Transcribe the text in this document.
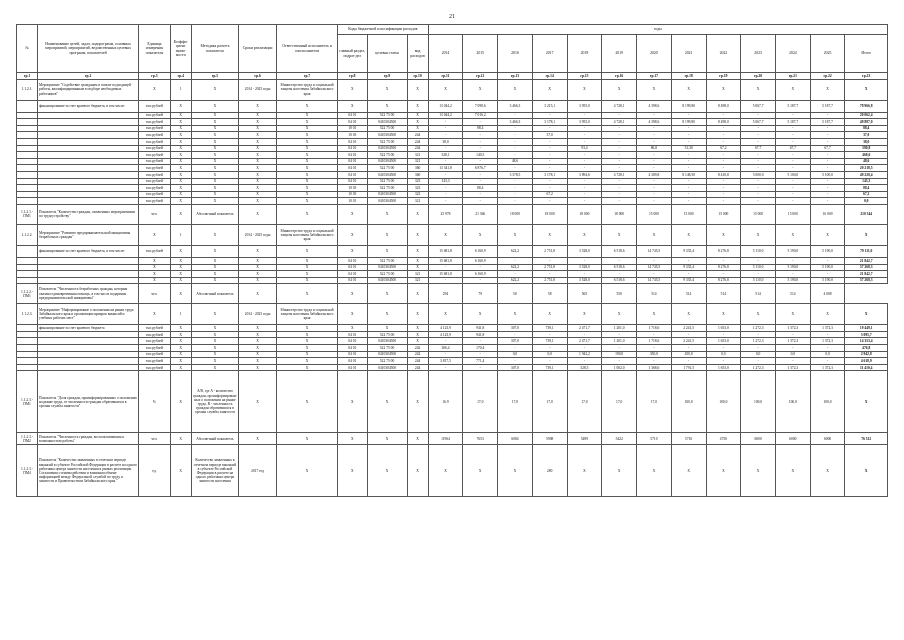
21
№	Наименование целей, задач, подпрограмм, основных мероприятий, мероприятий, ведомственных целевых программ, показателей	Единица измерения показателя	Коэффи-циент значи-мости	Методика расчета показателя	Сроки реализации	Ответственный исполнитель и соисполнители	Коды бюджетной классификации расходов			годы												
							главный раздел, подраз-дел	целевая статья	вид расходов	2014	2015	2016	2017	2018	2019	2020	2021	2022	2023	2024	2025	Итого

гр.1	гр.2	гр.3	гр.4	гр.5	гр.6	гр.7	гр.8	гр.9	гр.10	гр.11	гр.12	гр.13	гр.14	гр.15	гр.16	гр.17	гр.18	гр.19	гр.20	гр.21	гр.22	гр.23
1.1.2.1.	Мероприятие "Содействие гражданам в поиске подходящей работы, квалифицированным в подборе необходимых работников"	X	1	X	2014 - 2025 годы	Министерство труда и социальной защиты населения Забайкальского края	X	X	X	X	X	X	X	X	X	X	X	X	X	X	X	X
	финансирование за счет краевого бюджета, в том числе:	тыс.рублей	X	X	X	X	X	X	X	13 044,2	7 098,6	3 466,3	3 215,1	3 955,0	4 728,1	4 398,6	8 199,80	8 498,0	5 067,7	5 187,7	5 187,7	78 966,8
		тыс.рублей	X	X	X	X	04 01	522 75 00	X	13 044,2	7 016,2	-	-	-	-	-	-	-	-	-	-	20 062,4
		тыс.рублей	X	X	X	X	04 01	0410304500	X	-	-	3 466,3	3 178,1	3 955,0	4 728,1	4 398,6	8 199,80	8 498,0	5 067,7	5 187,7	5 187,7	49 887,0
		тыс.рублей	X	X	X	X	10 01	522 75 00	X	-	88,4	-	-	-	-	-	-	-	-	-	-	88,4
		тыс.рублей	X	X	X	X	10 03	0410304500	244	-	-	-	37,0	-	-	-	-	-	-	-	-	37,0
		тыс.рублей	X	X	X	X	04 01	522 75 00	244	38,0	-	-	-	-	-	-	-	-	-	-	-	38,0
		тыс.рублей	X	X	X	X	04 01	0410304500	244	-	-	-	-	93,4	-	86,8	51,30	67,2	67,7	67,7	67,7	590,8
		тыс.рублей	X	X	X	X	04 01	522 75 00	321	328,1	140,5	-	-	-	-	-	-	-	-	-	-	468,6
		тыс.рублей	X	X	X	X	04 01	0410304500	321	-	-	48,6	-	-	-	-	-	-	-	-	-	48,6
		тыс.рублей	X	X	X	X	04 01	522 75 00	360	13 341,8	6 876,7	-	-	-	-	-	-	-	-	-	-	20 218,5
		тыс.рублей	X	X	X	X	04 01	0410304500	360	-	-	3 378,5	3 178,1	3 894,6	4 728,1	4 309,8	8 148,50	8 410,8	5 000,0	5 100,0	5 100,0	49 220,4
		тыс.рублей	X	X	X	X	04 01	522 75 00	323	143,3	-	-	-	-	-	-	-	-	-	-	-	143,3
		тыс.рублей	X	X	X	X	10 03	522 75 00	323	-	88,4	-	-	-	-	-	-	-	-	-	-	88,4
		тыс.рублей	X	X	X	X	10 03	0410304500	323	-	-	-	67,2	-	-	-	-	-	-	-	-	67,2
		тыс.рублей	X	X	X	X	10 01	0410304500	321	-	-	-	-	-	-	-	-	-	-	-	-	0,0
1.1.2.1.-ПМ1	Показатель "Количество граждан, охваченных мероприятиями по трудоустройству"	чел.	X	Абсолютный показатель	X	X	X	X	X	25 978	21 366	18 000	18 000	18 000	18 000	15 000	15 000	15 000	15 000	15 000	16 000	210 344
1.1.2.2.	Мероприятие "Развитие предпринимательской инициативы безработных граждан"	X	1	X	2014 - 2025 годы	Министерство труда и социальной защиты населения Забайкальского края	X	X	X	X	X	X	X	X	X	X	X	X	X	X	X	X
	финансирование за счет краевого бюджета, в том числе:	тыс.рублей	X	X	X	X	X	X	X	15 681,8	6 160,9	622,2	2 751,8	3 528,0	6 518,6	14 745,5	9 335,4	8 276,8	5 110,0	5 190,0	5 190,0	79 111,0
		X	X	X	X	X	04 01	522 75 00	X	15 681,8	6 160,9	-	-	-	-	-	-	-	-	-	-	21 842,7
		X	X	X	X	X	04 01	0410304500	X	-	-	622,2	2 751,8	3 528,0	6 518,6	14 745,5	9 335,4	8 276,8	5 110,0	5 190,0	5 190,0	57 268,3
		X	X	X	X	X	04 01	522 75 00	321	15 681,8	6 160,9	-	-	-	-	-	-	-	-	-	-	21 842,7
		X	X	X	X	X	04 01	0410304500	321	-	-	622,2	2 751,8	3 528,0	6 518,6	14 745,5	9 335,4	8 276,8	5 110,0	5 190,0	5 190,0	57 268,3
1.1.2.2.-ПМ1	Показатель "Численность безработных граждан, которым оказана единовременная помощь, в том числе подарения предпринимательской инициативы"	чел.	X	Абсолютный показатель	X	X	X	X	X	294	79	50	58	565	550	514	514	514	514	514	4 008	
1.1.2.3.	Мероприятие "Информирование о положении на рынке труда Забайкальского края и организации ярмарок вакансий и учебных рабочих мест"	X	1	X	2014 - 2025 годы	Министерство труда и социальной защиты населения Забайкальского края	X	X	X	X	X	X	X	X	X	X	X	X	X	X	X	X
	финансирование за счет краевого бюджета	тыс.рублей	X	X	X	X	X	X	X	4 123,9	941,8	307,0	739,1	2 471,7	1 201,0	1 718,6	2 241,5	1 653,0	1 272,3	1 372,3	1 372,3	19 449,1
		тыс.рублей	X	X	X	X	04 01	522 75 00	X	4 123,9	941,8	-	-	-	-	-	-	-	-	-	-	5 095,7
		тыс.рублей	X	X	X	X	04 01	0410304500	X	-	-	307,0	739,1	2 471,7	1 201,0	1 718,6	2 241,5	1 653,0	1 272,3	1 372,3	1 372,3	14 353,4
		тыс.рублей	X	X	X	X	04 01	522 75 00	242	306,4	170,4	-	-	-	-	-	-	-	-	-	-	476,8
		тыс.рублей	X	X	X	X	04 01	0410304500	242	-	-	0,0	0,0	1 942,2	190,0	350,0	450,0	0,0	0,0	0,0	0,0	2 942,8
		тыс.рублей	X	X	X	X	04 01	522 75 00	244	3 817,5	771,4	-	-	-	-	-	-	-	-	-	-	4 618,9
		тыс.рублей	X	X	X	X	04 01	0410304500	244	-	-	307,0	739,1	528,5	1 002,0	1 368,6	1 791,5	1 653,0	1 272,3	1 372,3	1 372,3	11 410,4
1.1.2.3.-ПМ1	Показатель "Доля граждан, проинформированных о положении на рынке труда, от численности граждан обратившихся в органы службы занятости"	%	X	A/B, где A - количество граждан, проинформирован-ных о положении на рынке труда, B - численность граждан обратившихся в органы службы занятости	X	X	X	X	X	16,9	17,0	17,0	17,0	17,0	17,0	17,0	100,0	100,0	100,0	100,0	100,0	X
1.1.2.3.-ПМ2	Показатель "Численность граждан, воспользовавшихся возможностью работы"	чел.	X	Абсолютный показатель	X	X	X	X	X	11964	7653	6084	5908	5499	5422	5710	5710	4750	6000	6000	6000	76 512
1.1.2.3.-ПМ4	Показатель "Количество заявленных в отчетном периоде вакансий в субъекте Российской Федерации в расчете на одного работника центра занятости населения в рамках реализации Соглашения о взаимодействии и взаимном обмене информацией между Федеральной службой по труду и занятости и Правительством Забайкальского края "	ед.	X	Количество заявленных в отчетном периоде вакансий в субъекте Российской Федерации в расчете на одного работника центра занятости населения	2017 год	X	X	X	X	X	X	X	280	X	X	X	X	X	X	X	X	X
